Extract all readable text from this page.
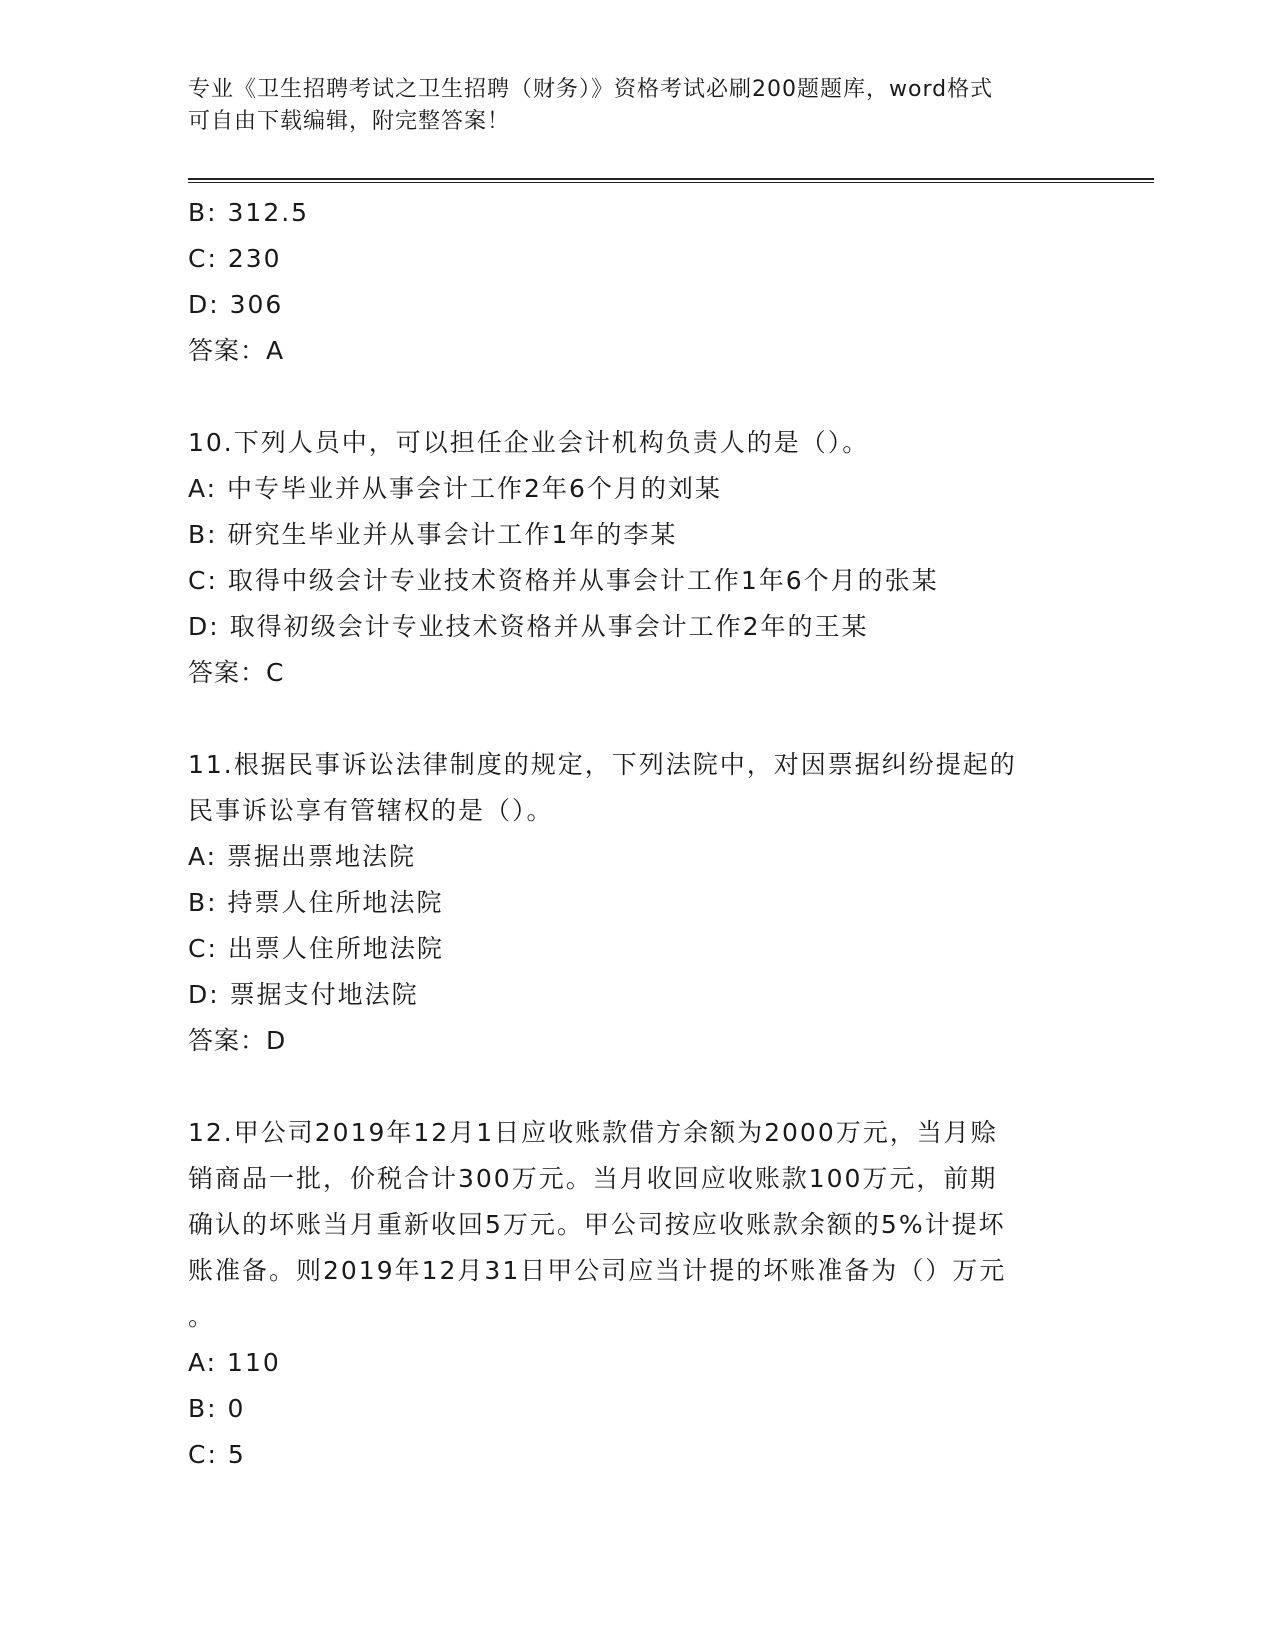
专业《卫生招聘考试之卫生招聘（财务）》资格考试必刷200题题库，word格式
可自由下载编辑，附完整答案！
B: 312.5
C: 230
D: 306
答案：A
10.下列人员中，可以担任企业会计机构负责人的是（）。
A: 中专毕业并从事会计工作2年6个月的刘某
B: 研究生毕业并从事会计工作1年的李某
C: 取得中级会计专业技术资格并从事会计工作1年6个月的张某
D: 取得初级会计专业技术资格并从事会计工作2年的王某
答案：C
11.根据民事诉讼法律制度的规定，下列法院中，对因票据纠纷提起的
民事诉讼享有管辖权的是（）。
A: 票据出票地法院
B: 持票人住所地法院
C: 出票人住所地法院
D: 票据支付地法院
答案：D
12.甲公司2019年12月1日应收账款借方余额为2000万元，当月赊
销商品一批，价税合计300万元。当月收回应收账款100万元，前期
确认的坏账当月重新收回5万元。甲公司按应收账款余额的5%计提坏
账准备。则2019年12月31日甲公司应当计提的坏账准备为（）万元
。
A: 110
B: 0
C: 5
